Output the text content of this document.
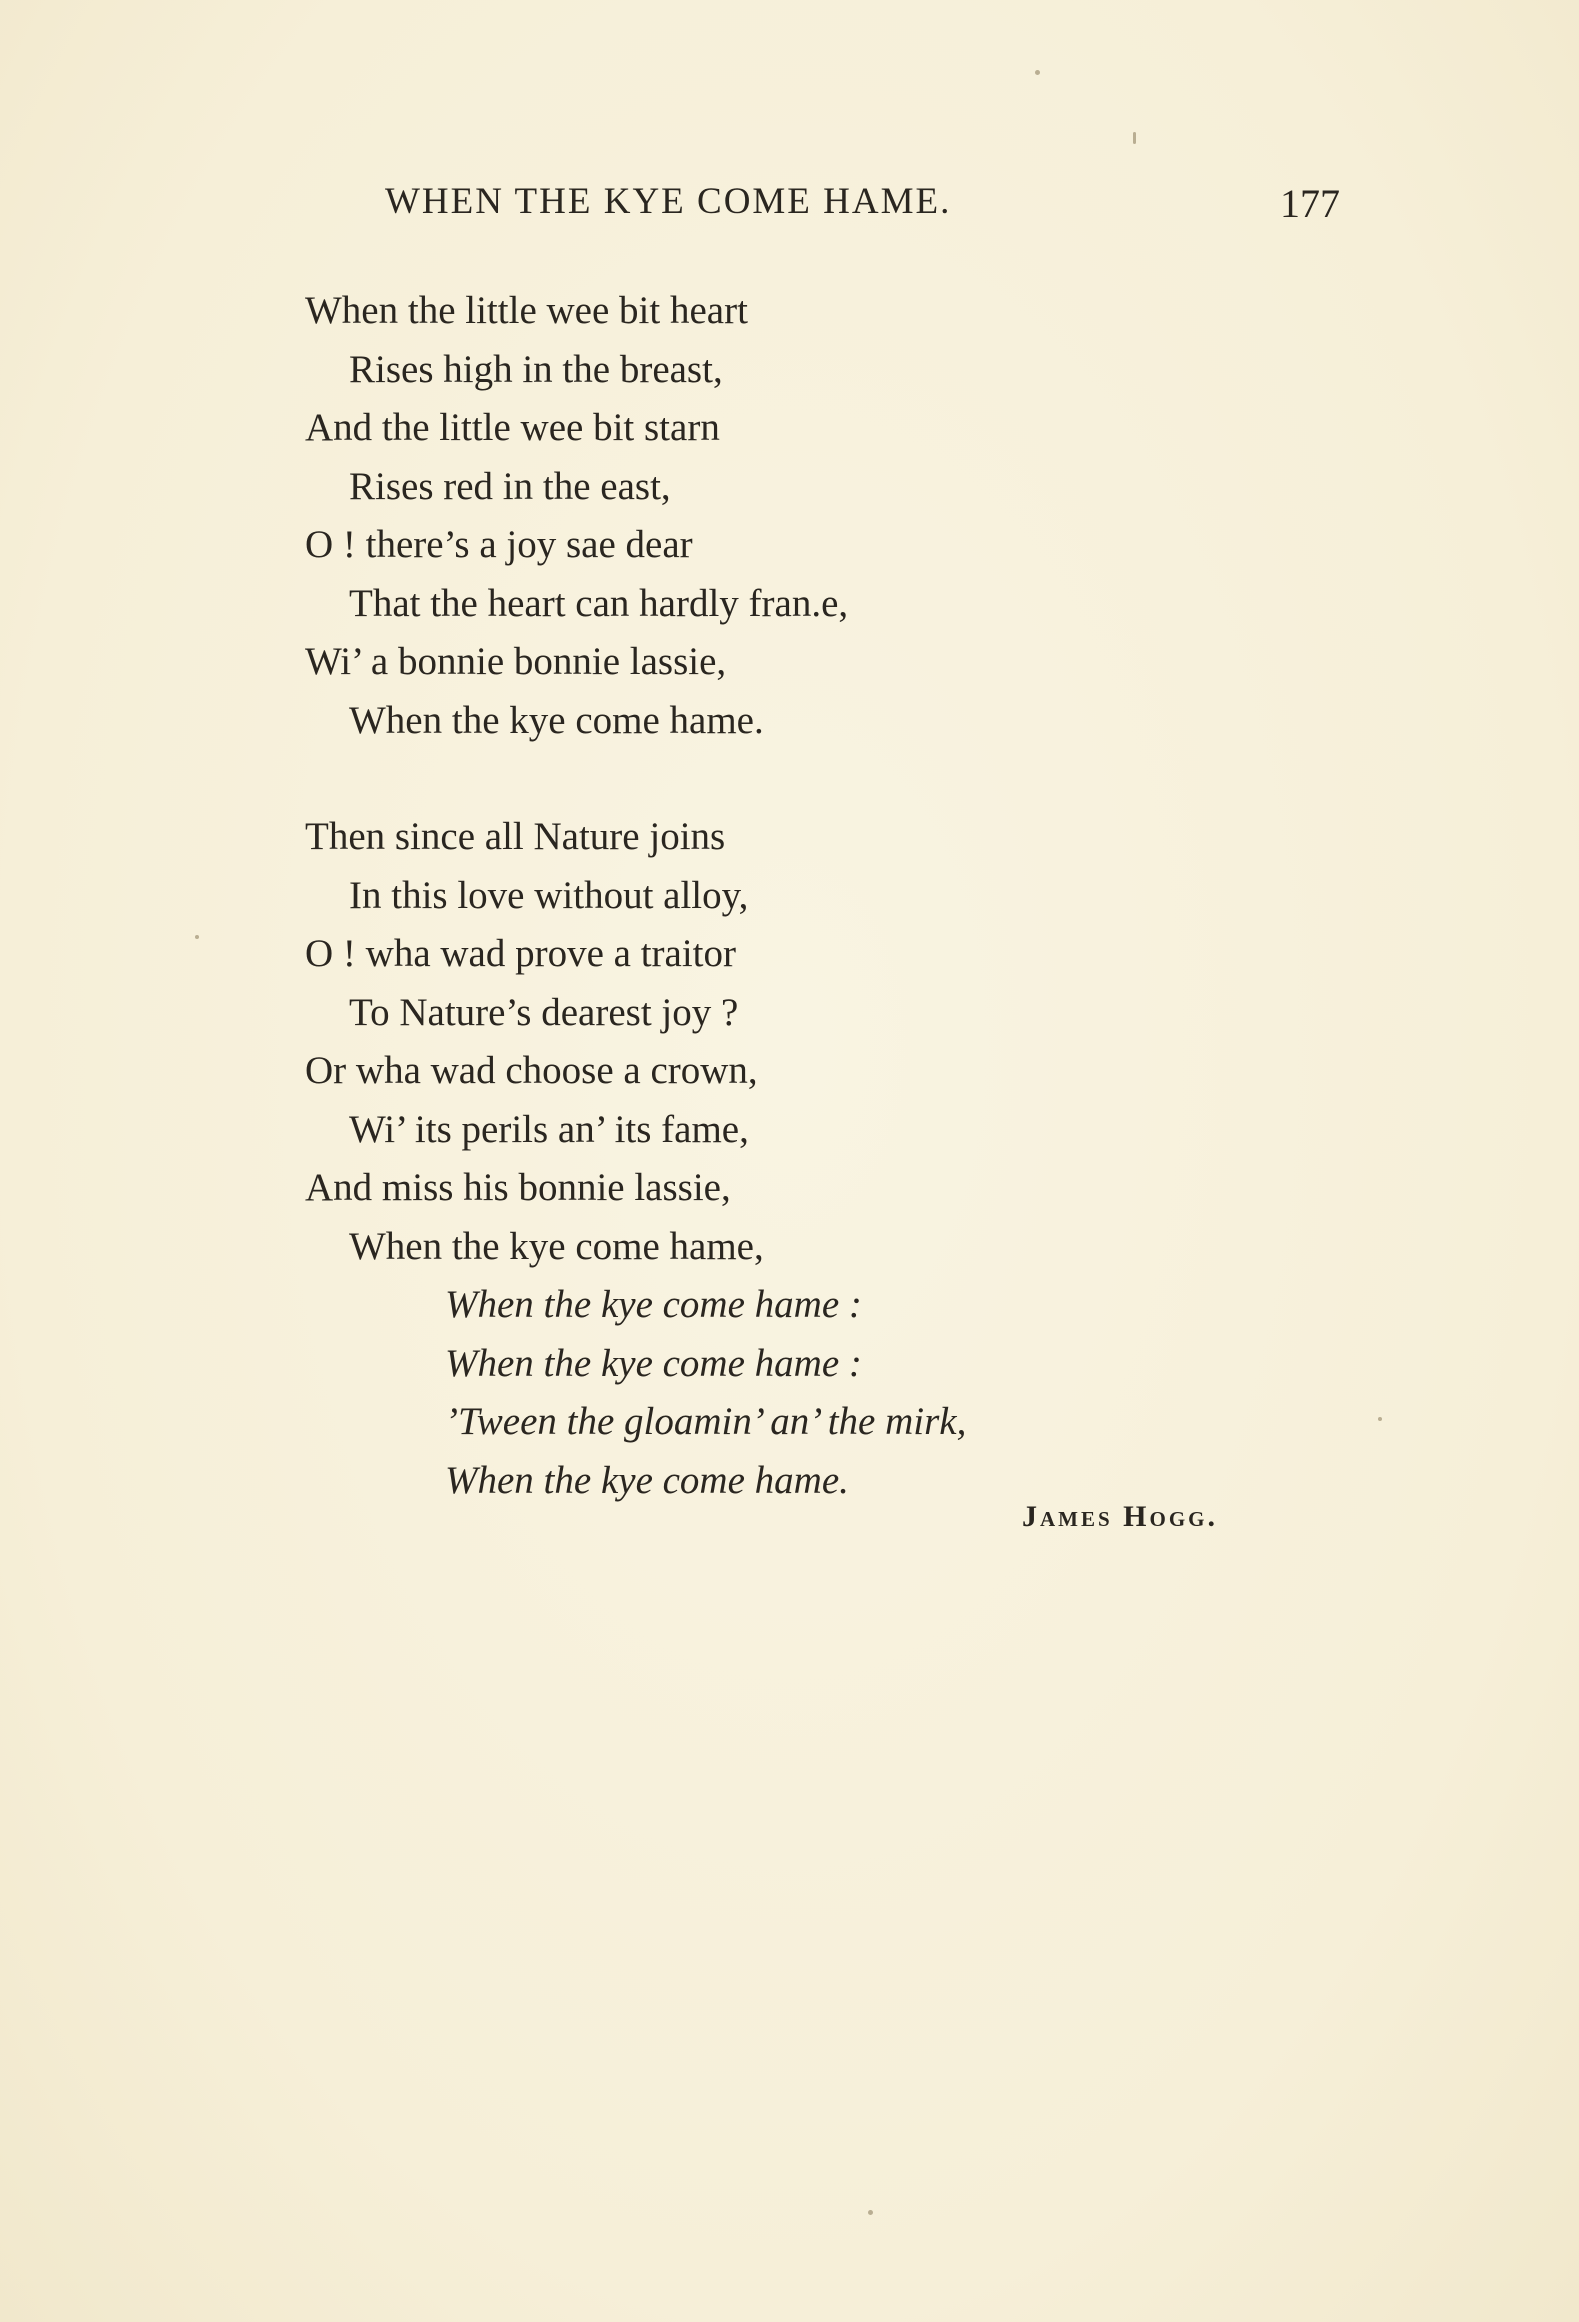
WHEN THE KYE COME HAME.	177
When the little wee bit heart
Rises high in the breast,
And the little wee bit starn
Rises red in the east,
O ! there’s a joy sae dear
That the heart can hardly fran.e,
Wi’ a bonnie bonnie lassie,
When the kye come hame.
Then since all Nature joins
In this love without alloy,
O ! wha wad prove a traitor
To Nature’s dearest joy ?
Or wha wad choose a crown,
Wi’ its perils an’ its fame,
And miss his bonnie lassie,
When the kye come hame,
When the kye come hame :
When the kye come hame :
’Tween the gloamin’ an’ the mirk,
When the kye come hame.
James Hogg.
